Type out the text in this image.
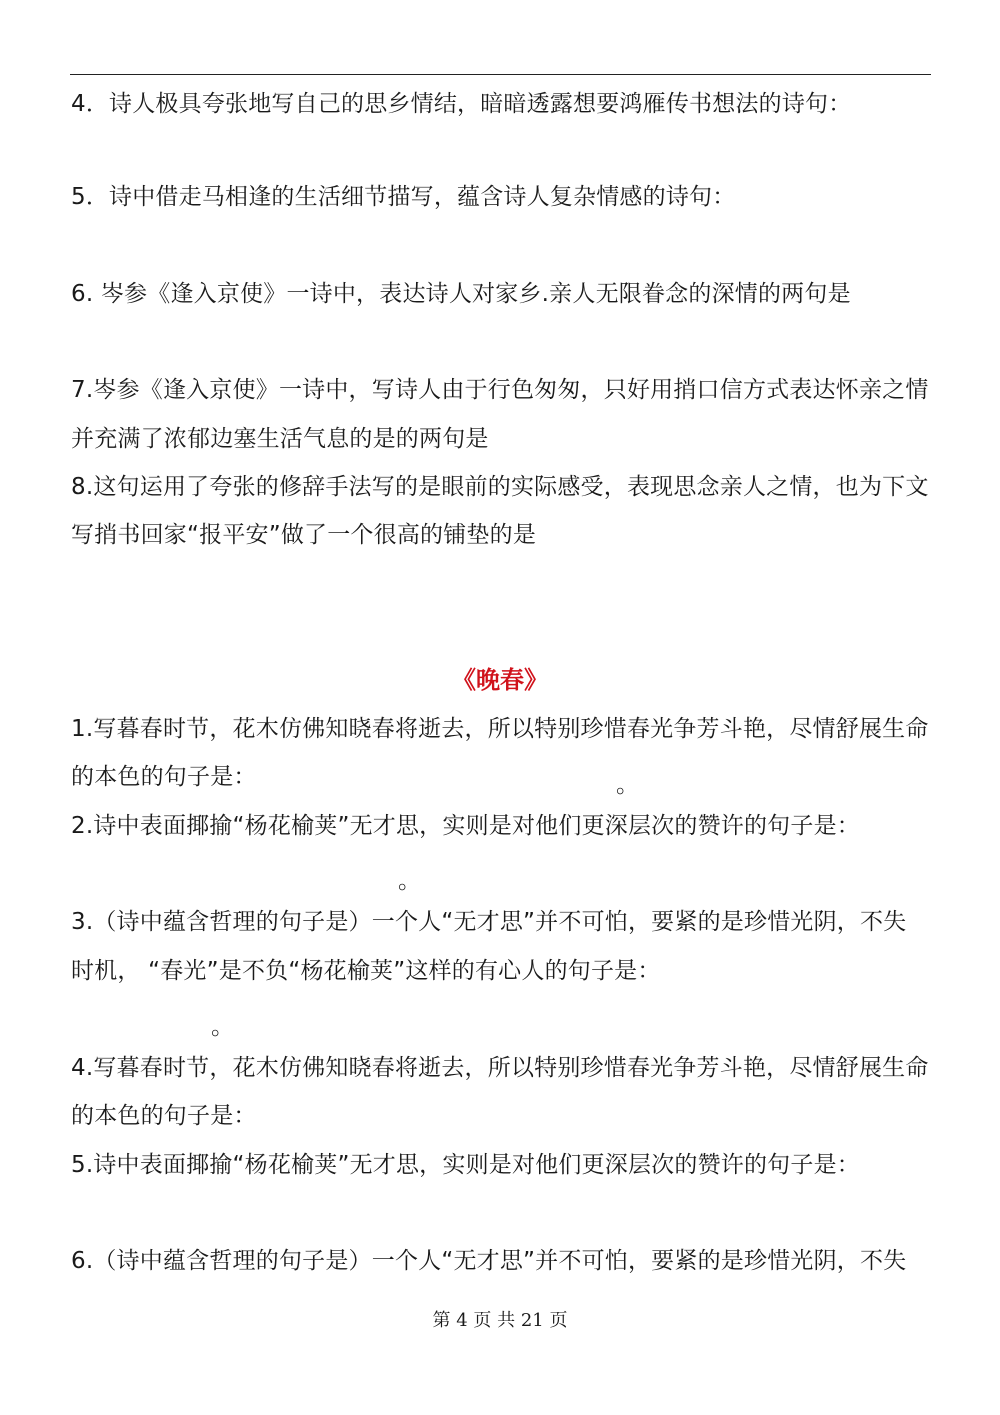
4．诗人极具夸张地写自己的思乡情结，暗暗透露想要鸿雁传书想法的诗句：
5．诗中借走马相逢的生活细节描写，蕴含诗人复杂情感的诗句：
6. 岑参《逢入京使》一诗中，表达诗人对家乡.亲人无限眷念的深情的两句是
7.岑参《逢入京使》一诗中，写诗人由于行色匆匆，只好用捎口信方式表达怀亲之情
并充满了浓郁边塞生活气息的是的两句是
8.这句运用了夸张的修辞手法写的是眼前的实际感受，表现思念亲人之情，也为下文
写捎书回家“报平安”做了一个很高的铺垫的是
《晚春》
1.写暮春时节，花木仿佛知晓春将逝去，所以特别珍惜春光争芳斗艳，尽情舒展生命
的本色的句子是：	。
2.诗中表面揶揄“杨花榆荚”无才思，实则是对他们更深层次的赞许的句子是：
。
3.（诗中蕴含哲理的句子是）一个人“无才思”并不可怕，要紧的是珍惜光阴，不失
时机， “春光”是不负“杨花榆荚”这样的有心人的句子是：
。
4.写暮春时节，花木仿佛知晓春将逝去，所以特别珍惜春光争芳斗艳，尽情舒展生命
的本色的句子是：
5.诗中表面揶揄“杨花榆荚”无才思，实则是对他们更深层次的赞许的句子是：
6.（诗中蕴含哲理的句子是）一个人“无才思”并不可怕，要紧的是珍惜光阴，不失
第 4 页 共 21 页
